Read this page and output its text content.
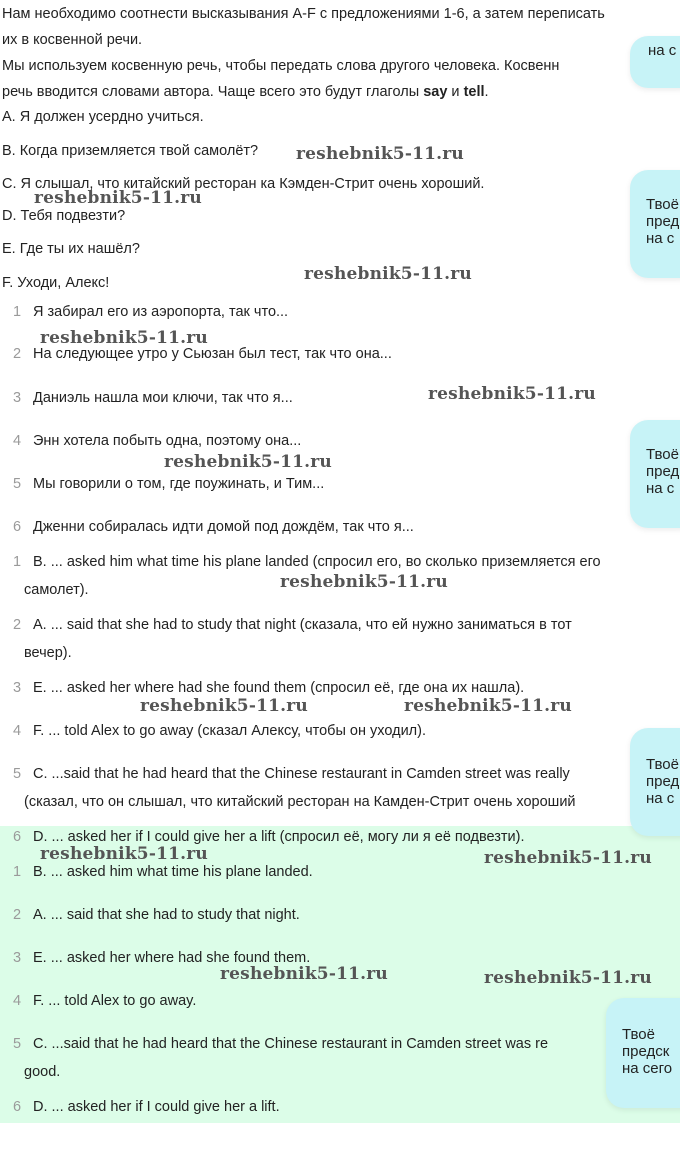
Нам необходимо соотнести высказывания A-F с предложениями 1-6, а затем переписать
их в косвенной речи.
Мы используем косвенную речь, чтобы передать слова другого человека. Косвенн
речь вводится словами автора. Чаще всего это будут глаголы say и tell.
A. Я должен усердно учиться.
B. Когда приземляется твой самолёт?
C. Я слышал, что китайский ресторан ка Кэмден-Стрит очень хороший.
D. Тебя подвезти?
E. Где ты их нашёл?
F. Уходи, Алекс!
1 Я забирал его из аэропорта, так что...
2 На следующее утро у Сьюзан был тест, так что она...
3 Даниэль нашла мои ключи, так что я...
4 Энн хотела побыть одна, поэтому она...
5 Мы говорили о том, где поужинать, и Тим...
6 Дженни собиралась идти домой под дождём, так что я...
1 B. ... asked him what time his plane landed (спросил его, во сколько приземляется его
самолет).
2 A. ... said that she had to study that night (сказала, что ей нужно заниматься в тот
вечер).
3 E. ... asked her where had she found them (спросил её, где она их нашла).
4 F. ... told Alex to go away (сказал Алексу, чтобы он уходил).
5 C. ...said that he had heard that the Chinese restaurant in Camden street was really
(сказал, что он слышал, что китайский ресторан на Камден-Стрит очень хороший
6 D. ... asked her if I could give her a lift (спросил её, могу ли я её подвезти).
1 B. ... asked him what time his plane landed.
2 A. ... said that she had to study that night.
3 E. ... asked her where had she found them.
4 F. ... told Alex to go away.
5 C. ...said that he had heard that the Chinese restaurant in Camden street was re
good.
6 D. ... asked her if I could give her a lift.
reshebnik5-11.ru
reshebnik5-11.ru
reshebnik5-11.ru
reshebnik5-11.ru
reshebnik5-11.ru
reshebnik5-11.ru
reshebnik5-11.ru
reshebnik5-11.ru	reshebnik5-11.ru
reshebnik5-11.ru	reshebnik5-11.ru
reshebnik5-11.ru	reshebnik5-11.ru
на с
Твоё
пред
на с
Твоё
пред
на с
Твоё
пред
на с
Твоё
предск
на сего
